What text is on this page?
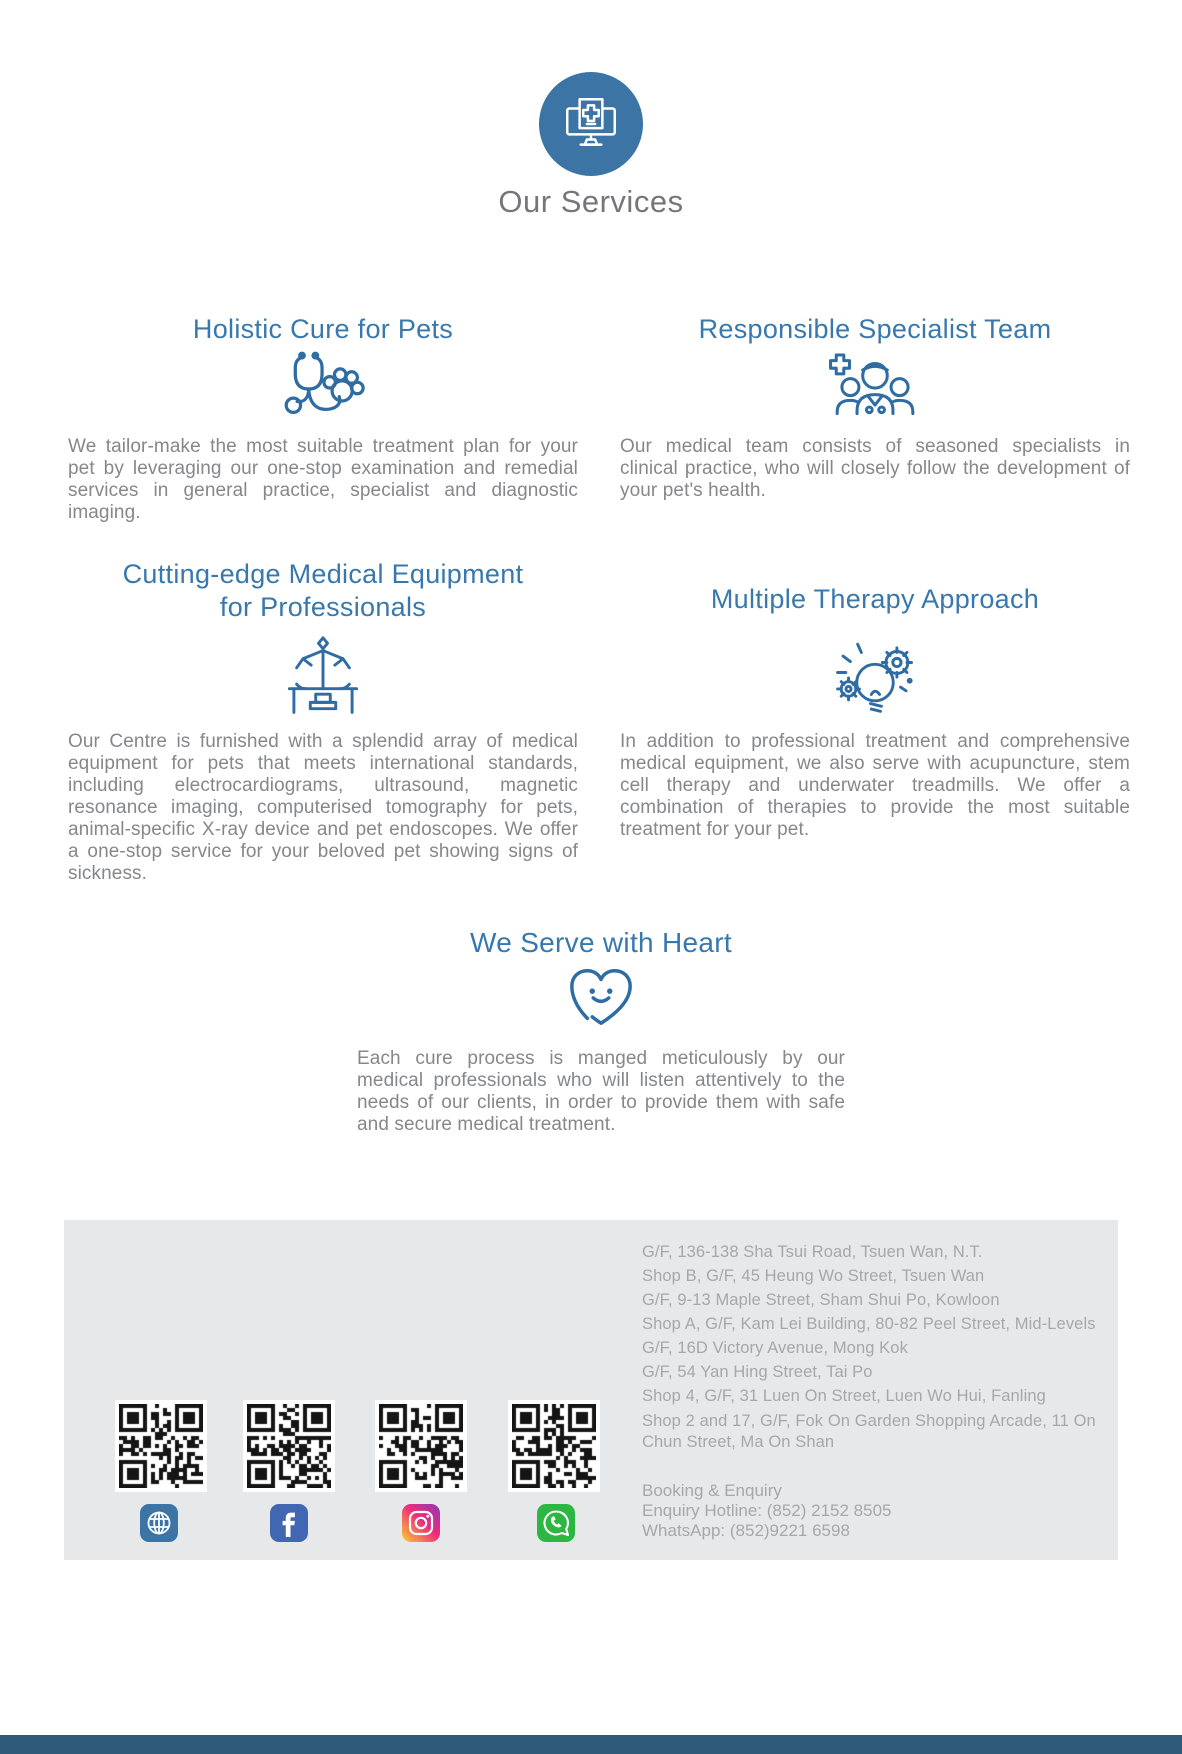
Our Services
Holistic Cure for Pets
We tailor-make the most suitable treatment plan for your pet by leveraging our one-stop examination and remedial services in general practice, specialist and diagnostic imaging.
Responsible Specialist Team
Our medical team consists of seasoned specialists in clinical practice, who will closely follow the development of your pet's health.
Cutting-edge Medical Equipment
for Professionals
Our Centre is furnished with a splendid array of medical equipment for pets that meets international standards, including electrocardiograms, ultrasound, magnetic resonance imaging, computerised tomography for pets, animal-specific X-ray device and pet endoscopes. We offer a one-stop service for your beloved pet showing signs of sickness.
Multiple Therapy Approach
In addition to professional treatment and comprehensive medical equipment, we also serve with acupuncture, stem cell therapy and underwater treadmills. We offer a combination of therapies to provide the most suitable treatment for your pet.
We Serve with Heart
Each cure process is manged meticulously by our medical professionals who will listen attentively to the needs of our clients, in order to provide them with safe and secure medical treatment.
G/F, 136-138 Sha Tsui Road, Tsuen Wan, N.T.
Shop B, G/F, 45 Heung Wo Street, Tsuen Wan
G/F, 9-13 Maple Street, Sham Shui Po, Kowloon
Shop A, G/F, Kam Lei Building, 80-82 Peel Street, Mid-Levels
G/F, 16D Victory Avenue, Mong Kok
G/F, 54 Yan Hing Street, Tai Po
Shop 4, G/F, 31 Luen On Street, Luen Wo Hui, Fanling
Shop 2 and 17, G/F, Fok On Garden Shopping Arcade, 11 On Chun Street, Ma On Shan
Booking & Enquiry
Enquiry Hotline: (852) 2152 8505
WhatsApp: (852)9221 6598
